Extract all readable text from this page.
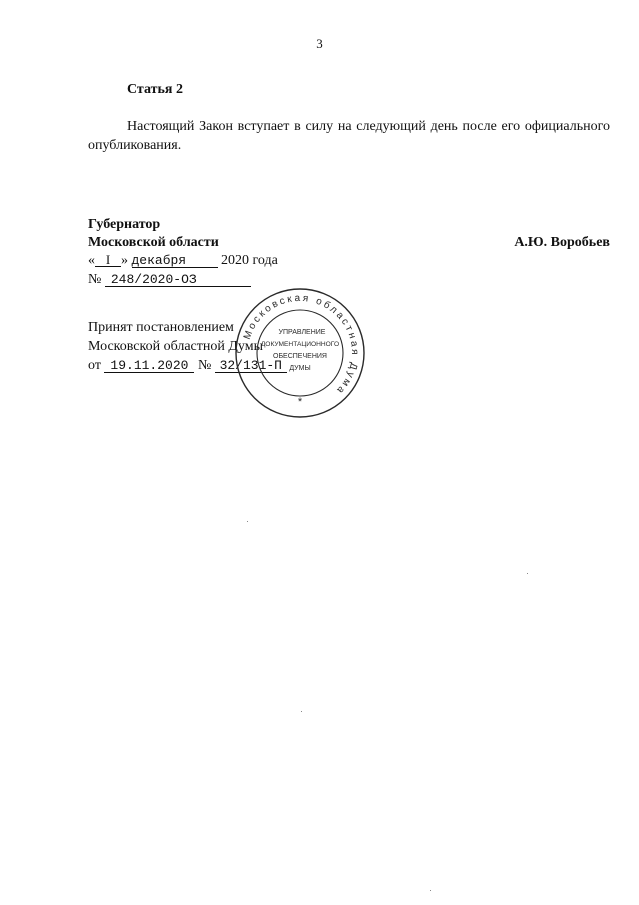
3
Статья 2
Настоящий Закон вступает в силу на следующий день после его официального опубликования.
Губернатор
Московской области	А.Ю. Воробьев
« I » декабря 2020 года
№ 248/2020-ОЗ
Принят постановлением
Московской областной Думы
от 19.11.2020 № 32/131-П
Московская областная Дума
*
УПРАВЛЕНИЕ
ДОКУМЕНТАЦИОННОГО
ОБЕСПЕЧЕНИЯ
ДУМЫ
